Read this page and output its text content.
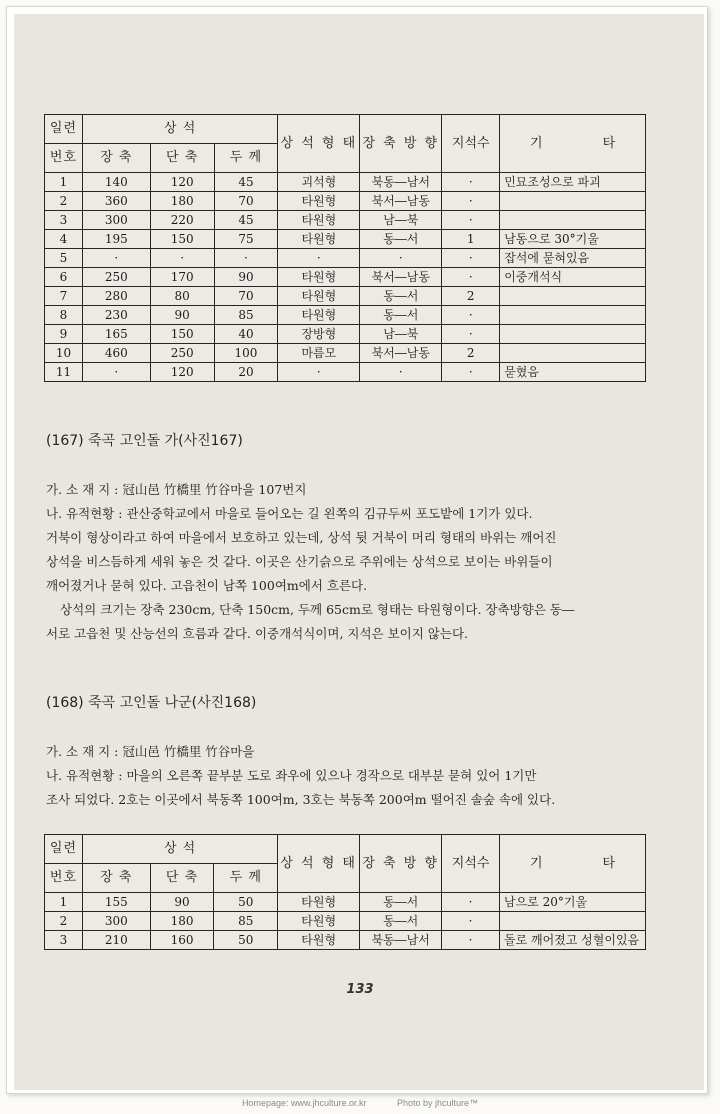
일련	상 석			상 석 형 태	장 축 방 향	지석수	기 타
번호	장 축	단 축	두 께				
1	140	120	45	괴석형	북동―남서	·	민묘조성으로 파괴
2	360	180	70	타원형	북서―남동	·	
3	300	220	45	타원형	남―북	·	
4	195	150	75	타원형	동―서	1	남동으로 30°기울
5	·	·	·	·	·	·	잡석에 묻혀있음
6	250	170	90	타원형	북서―남동	·	이중개석식
7	280	80	70	타원형	동―서	2	
8	230	90	85	타원형	동―서	·	
9	165	150	40	장방형	남―북	·	
10	460	250	100	마름모	북서―남동	2	
11	·	120	20	·	·	·	묻혔음
(167) 죽곡 고인돌 가(사진167)

가. 소 재 지 : 冠山邑 竹橋里 竹谷마을 107번지

나. 유적현황 : 관산중학교에서 마을로 들어오는 길 왼쪽의 김규두씨 포도밭에 1기가 있다.

거북이 형상이라고 하여 마을에서 보호하고 있는데, 상석 뒷 거북이 머리 형태의 바위는 깨어진

상석을 비스듬하게 세워 놓은 것 같다. 이곳은 산기슭으로 주위에는 상석으로 보이는 바위들이

깨어졌거나 묻혀 있다. 고읍천이 남쪽 100여m에서 흐른다.

상석의 크기는 장축 230cm, 단축 150cm, 두께 65cm로 형태는 타원형이다. 장축방향은 동―

서로 고읍천 및 산능선의 흐름과 같다. 이중개석식이며, 지석은 보이지 않는다.

(168) 죽곡 고인돌 나군(사진168)

가. 소 재 지 : 冠山邑 竹橋里 竹谷마을

나. 유적현황 : 마을의 오른쪽 끝부분 도로 좌우에 있으나 경작으로 대부분 묻혀 있어 1기만

조사 되었다. 2호는 이곳에서 북동쪽 100여m, 3호는 북동쪽 200여m 떨어진 솔숲 속에 있다.

일련	상 석			상 석 형 태	장 축 방 향	지석수	기 타
번호	장 축	단 축	두 께				
1	155	90	50	타원형	동―서	·	남으로 20°기울
2	300	180	85	타원형	동―서	·	
3	210	160	50	타원형	북동―남서	·	돌로 깨어졌고 성혈이있음
133
Homepage: www.jhculture.or.kr	Photo by jhculture™
